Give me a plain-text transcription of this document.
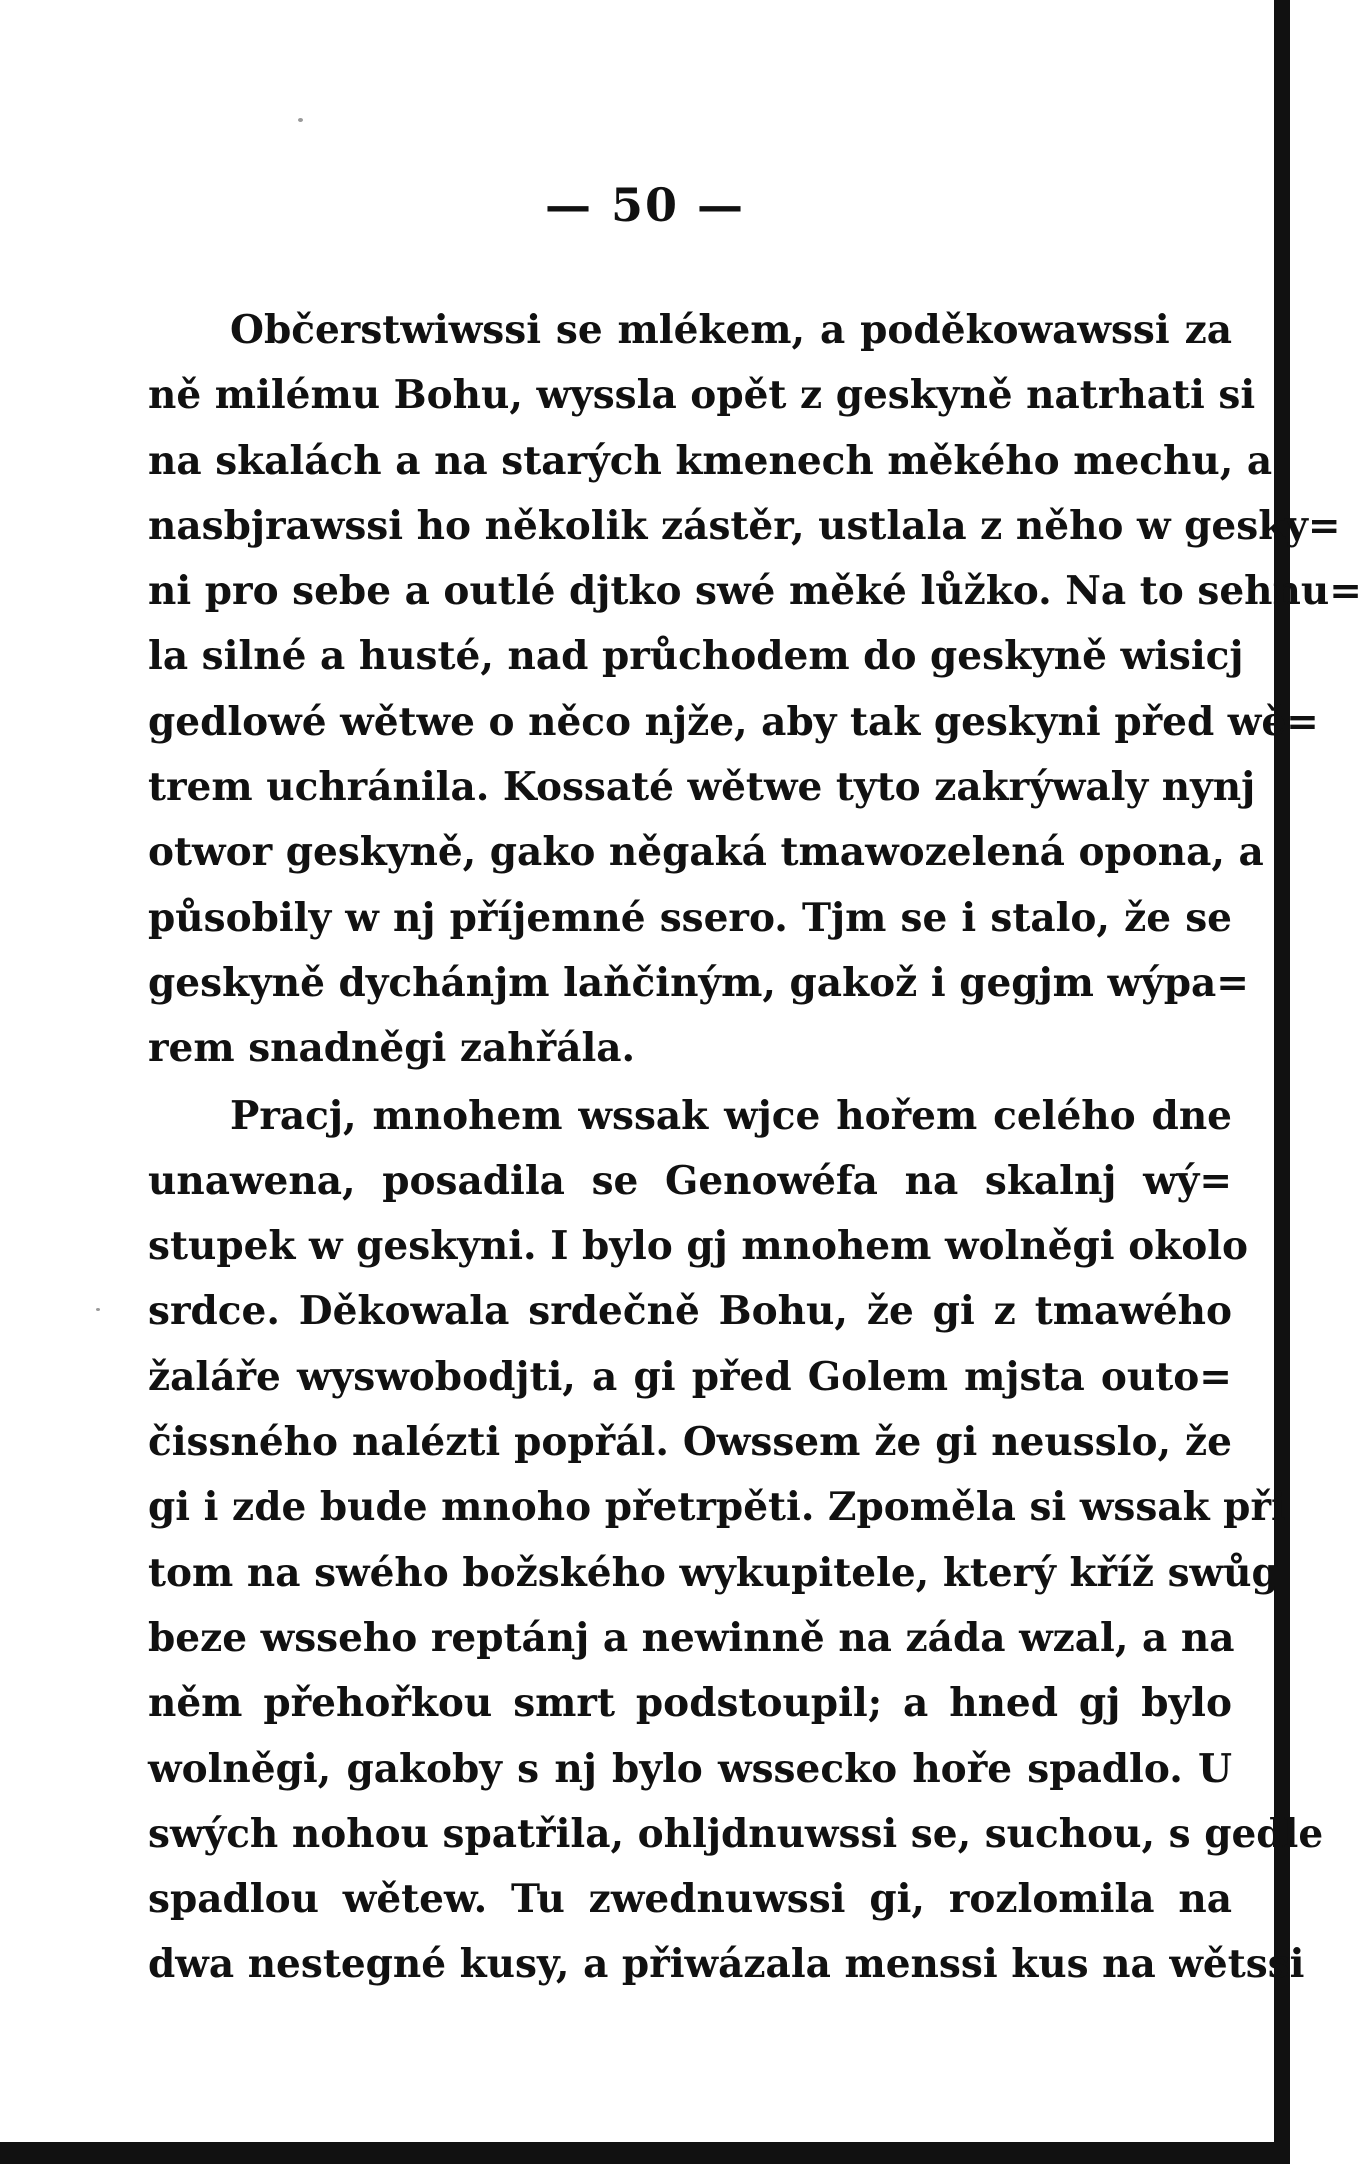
— 50 —
Občerstwiwssi se mlékem, a poděkowawssi za
ně milému Bohu, wyssla opět z geskyně natrhati si
na skalách a na starých kmenech měkého mechu, a
nasbjrawssi ho několik zástěr, ustlala z něho w gesky=
ni pro sebe a outlé djtko swé měké lůžko. Na to sehnu=
la silné a husté, nad průchodem do geskyně wisicj
gedlowé wětwe o něco njže, aby tak geskyni před wě=
trem uchránila. Kossaté wětwe tyto zakrýwaly nynj
otwor geskyně, gako něgaká tmawozelená opona, a
působily w nj příjemné ssero. Tjm se i stalo, že se
geskyně dychánjm laňčiným, gakož i gegjm wýpa=
rem snadněgi zahřála.
Pracj, mnohem wssak wjce hořem celého dne
unawena, posadila se Genowéfa na skalnj wý=
stupek w geskyni. I bylo gj mnohem wolněgi okolo
srdce. Děkowala srdečně Bohu, že gi z tmawého
žaláře wyswobodjti, a gi před Golem mjsta outo=
čissného nalézti popřál. Owssem že gi neusslo, že
gi i zde bude mnoho přetrpěti. Zpoměla si wssak při
tom na swého božského wykupitele, který kříž swůg
beze wsseho reptánj a newinně na záda wzal, a na
něm přehořkou smrt podstoupil; a hned gj bylo
wolněgi, gakoby s nj bylo wssecko hoře spadlo. U
swých nohou spatřila, ohljdnuwssi se, suchou, s gedle
spadlou wětew. Tu zwednuwssi gi, rozlomila na
dwa nestegné kusy, a přiwázala menssi kus na wětssi
